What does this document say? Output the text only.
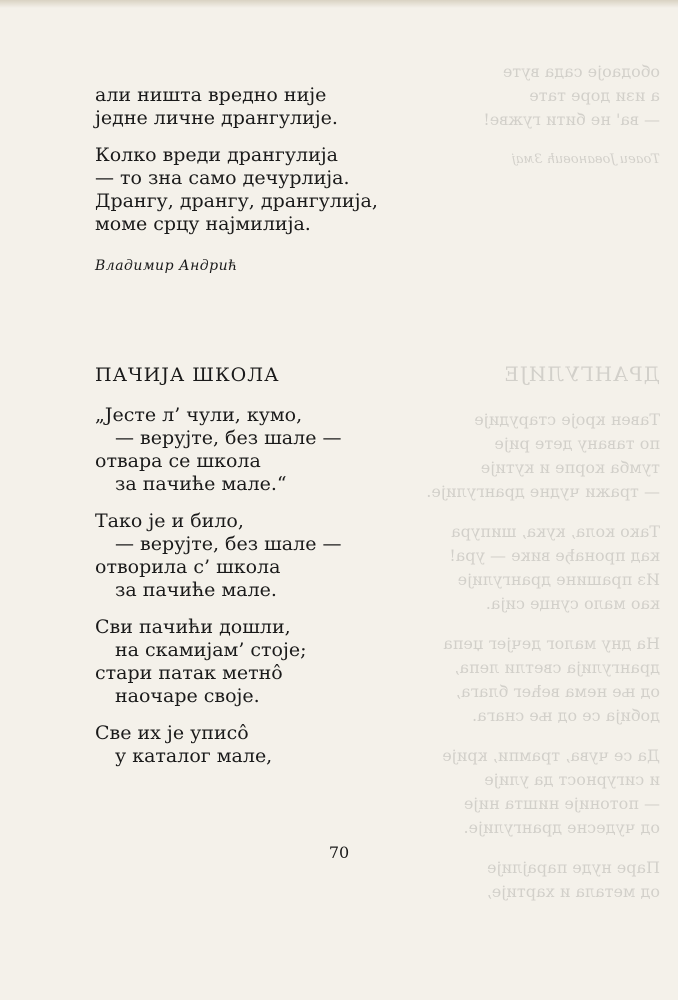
ободаоје сада вуте
а изи доре тате
— ва' не бити гужве!

Тоаеи Јовановић Змај

ДРАНГУЛИЈЕ

Тавен кроје старудије
по тавану дете рије
тумба корпе и кутије
— тражи чудне дрангулије.

Тако кола, кука, шипура
кад пронађе вике — ура!
Из прашине дрангулије
као мало сунце сија.

На дну малог дечјег џепа
дрангулија светли лепа,
од ње нема већег блага,
добија се од ње снага.

Да се чува, трампи, крије
и сигурност да улије
— потоније ништа није
од чудесне дрангулије.

Паре нуде парајлије
од метала и хартије,

али ништа вредно није
једне личне дрангулије.
Колко вреди дрангулија
— то зна само дечурлија.
Дрангу, дрангу, дрангулија,
моме срцу најмилија.
Владимир Андрић
ПАЧИЈА ШКОЛА
„Јесте л’ чули, кумо,
— верујте, без шале —
отвара се школа
за пачиће мале.“
Тако је и било,
— верујте, без шале —
отворила с’ школа
за пачиће мале.
Сви пачићи дошли,
на скамијам’ стоје;
стари патак метнô
наочаре своје.
Све их је уписô
у каталог мале,
70
